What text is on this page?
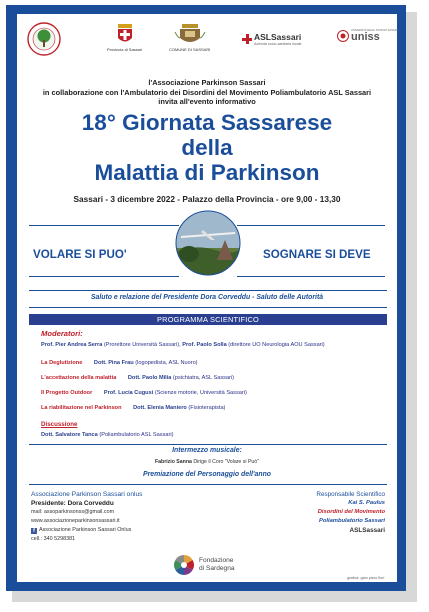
Provincia di Sassari	COMUNE DI SASSARI
ASLSassari
Azienda socio-sanitaria locale
UNIVERSITÀ DEGLI STUDI DI SASSARI
uniss
l'Associazione Parkinson Sassari
in collaborazione con l'Ambulatorio dei Disordini del Movimento Poliambulatorio ASL Sassari
invita all'evento informativo
18° Giornata Sassarese
della
Malattia di Parkinson
Sassari - 3 dicembre 2022 - Palazzo della Provincia - ore 9,00 - 13,30
VOLARE SI PUO'	SOGNARE SI DEVE
Saluto e relazione del Presidente Dora Corveddu - Saluto delle Autorità
PROGRAMMA SCIENTIFICO
Moderatori:
Prof. Pier Andrea Serra (Prorettore Università Sassari), Prof. Paolo Solla (direttore UO Neurologia AOU Sassari)
La Deglutizione Dott. Pina Frau (logopedista, ASL Nuoro)
L'accettazione della malattia Dott. Paolo Milia (psichiatra, ASL Sassari)
Il Progetto Outdoor Prof. Lucia Cugusi (Scienze motorie, Università Sassari)
La riabilitazione nel Parkinson Dott. Elenia Maniero (Fisioterapista)
Discussione
Dott. Salvatore Tanca (Poliambulatorio ASL Sassari)
Intermezzo musicale:
Fabrizio Sanna Dirige il Coro "Volare si Può"
Premiazione del Personaggio dell'anno
Associazione Parkinson Sassari onlus
Presidente: Dora Corveddu
mail: assoparkinsonss@gmail.com
www.associazioneparkinsonsassari.it
f Associazione Parkinson Sassari Onlus
cell.: 340 5298381
Responsabile Scientifico
Kai S. Paulus
Disordini del Movimento
Poliambulatorio Sassari
ASLSassari
Fondazione
di Sardegna
grafica: gian piero fiori
